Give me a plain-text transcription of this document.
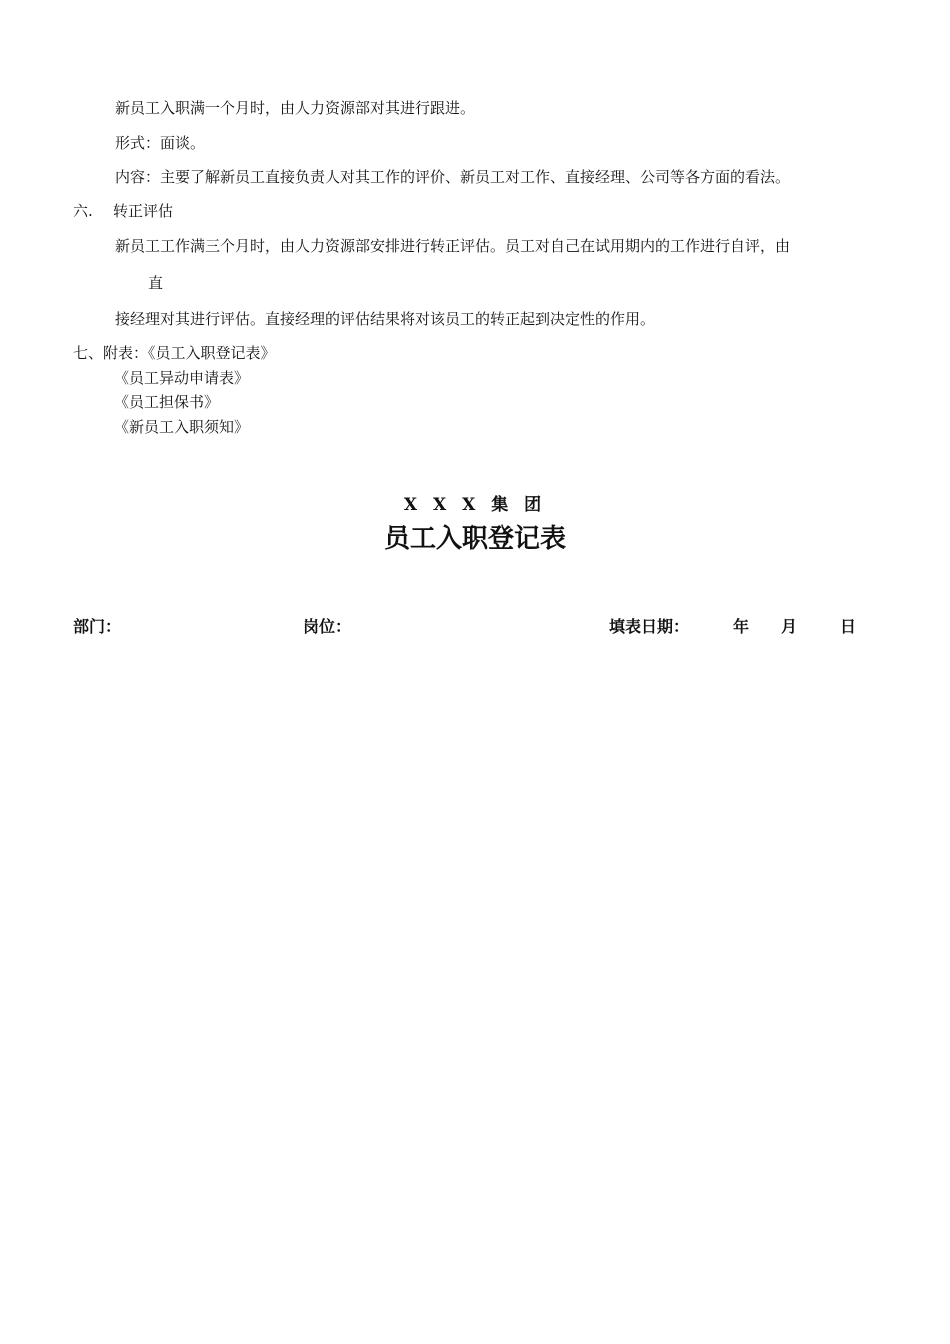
新员工入职满一个月时，由人力资源部对其进行跟进。
形式：面谈。
内容：主要了解新员工直接负责人对其工作的评价、新员工对工作、直接经理、公司等各方面的看法。
六. 转正评估
新员工工作满三个月时，由人力资源部安排进行转正评估。员工对自己在试用期内的工作进行自评，由
直
接经理对其进行评估。直接经理的评估结果将对该员工的转正起到决定性的作用。
七、附表：《员工入职登记表》
《员工异动申请表》
《员工担保书》
《新员工入职须知》
X X X 集 团
员工入职登记表
部门：	岗位：	填表日期：	年 月	日
